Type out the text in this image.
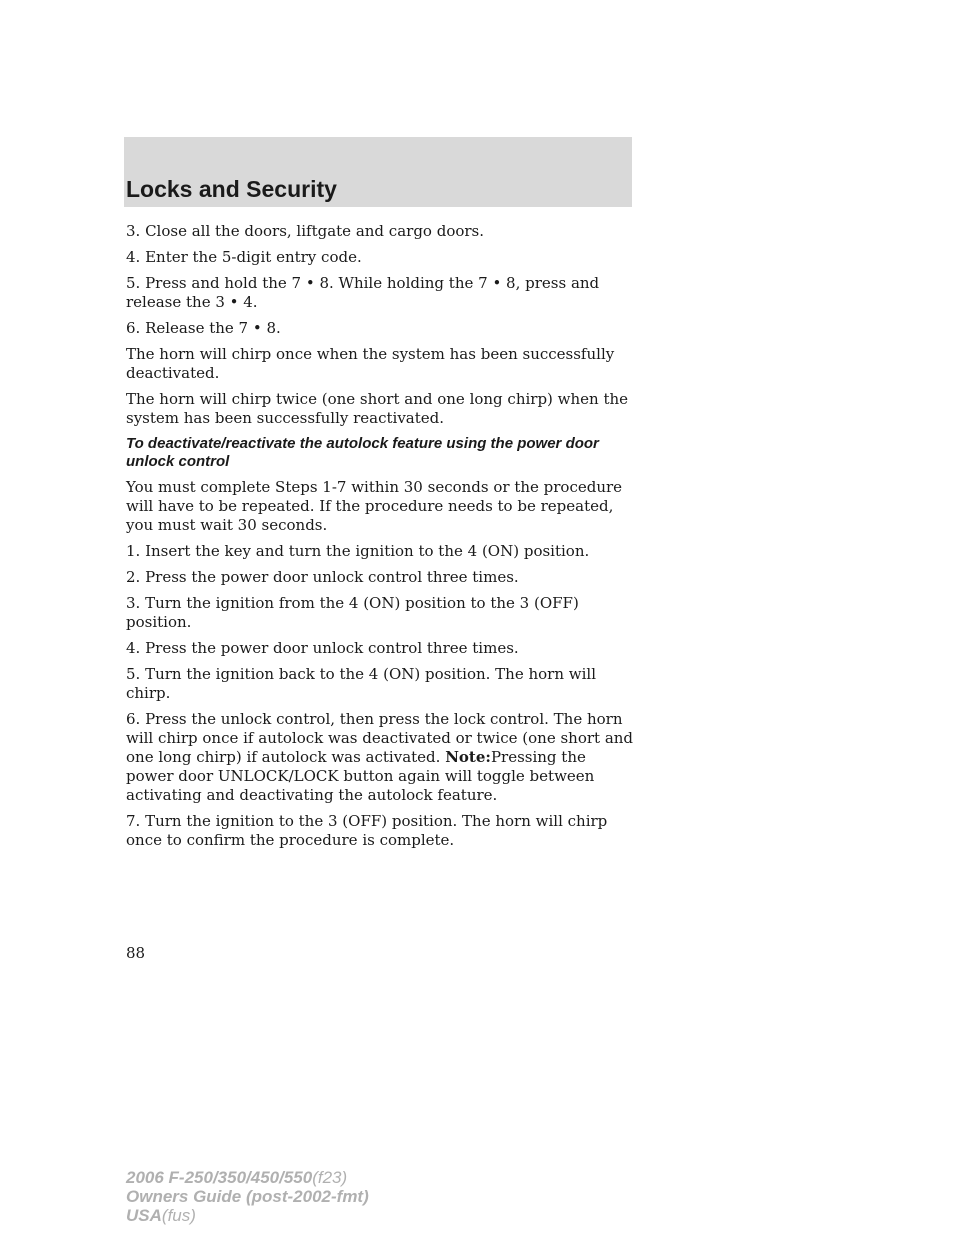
Locks and Security

3. Close all the doors, liftgate and cargo doors.

4. Enter the 5-digit entry code.

5. Press and hold the 7 • 8. While holding the 7 • 8, press and release the 3 • 4.

6. Release the 7 • 8.

The horn will chirp once when the system has been successfully deactivated.

The horn will chirp twice (one short and one long chirp) when the system has been successfully reactivated.

To deactivate/reactivate the autolock feature using the power door unlock control

You must complete Steps 1-7 within 30 seconds or the procedure will have to be repeated. If the procedure needs to be repeated, you must wait 30 seconds.

1. Insert the key and turn the ignition to the 4 (ON) position.

2. Press the power door unlock control three times.

3. Turn the ignition from the 4 (ON) position to the 3 (OFF) position.

4. Press the power door unlock control three times.

5. Turn the ignition back to the 4 (ON) position. The horn will chirp.

6. Press the unlock control, then press the lock control. The horn will chirp once if autolock was deactivated or twice (one short and one long chirp) if autolock was activated. Note:Pressing the power door UNLOCK/LOCK button again will toggle between activating and deactivating the autolock feature.

7. Turn the ignition to the 3 (OFF) position. The horn will chirp once to confirm the procedure is complete.

88
2006 F-250/350/450/550(f23)
Owners Guide (post-2002-fmt)
USA(fus)
